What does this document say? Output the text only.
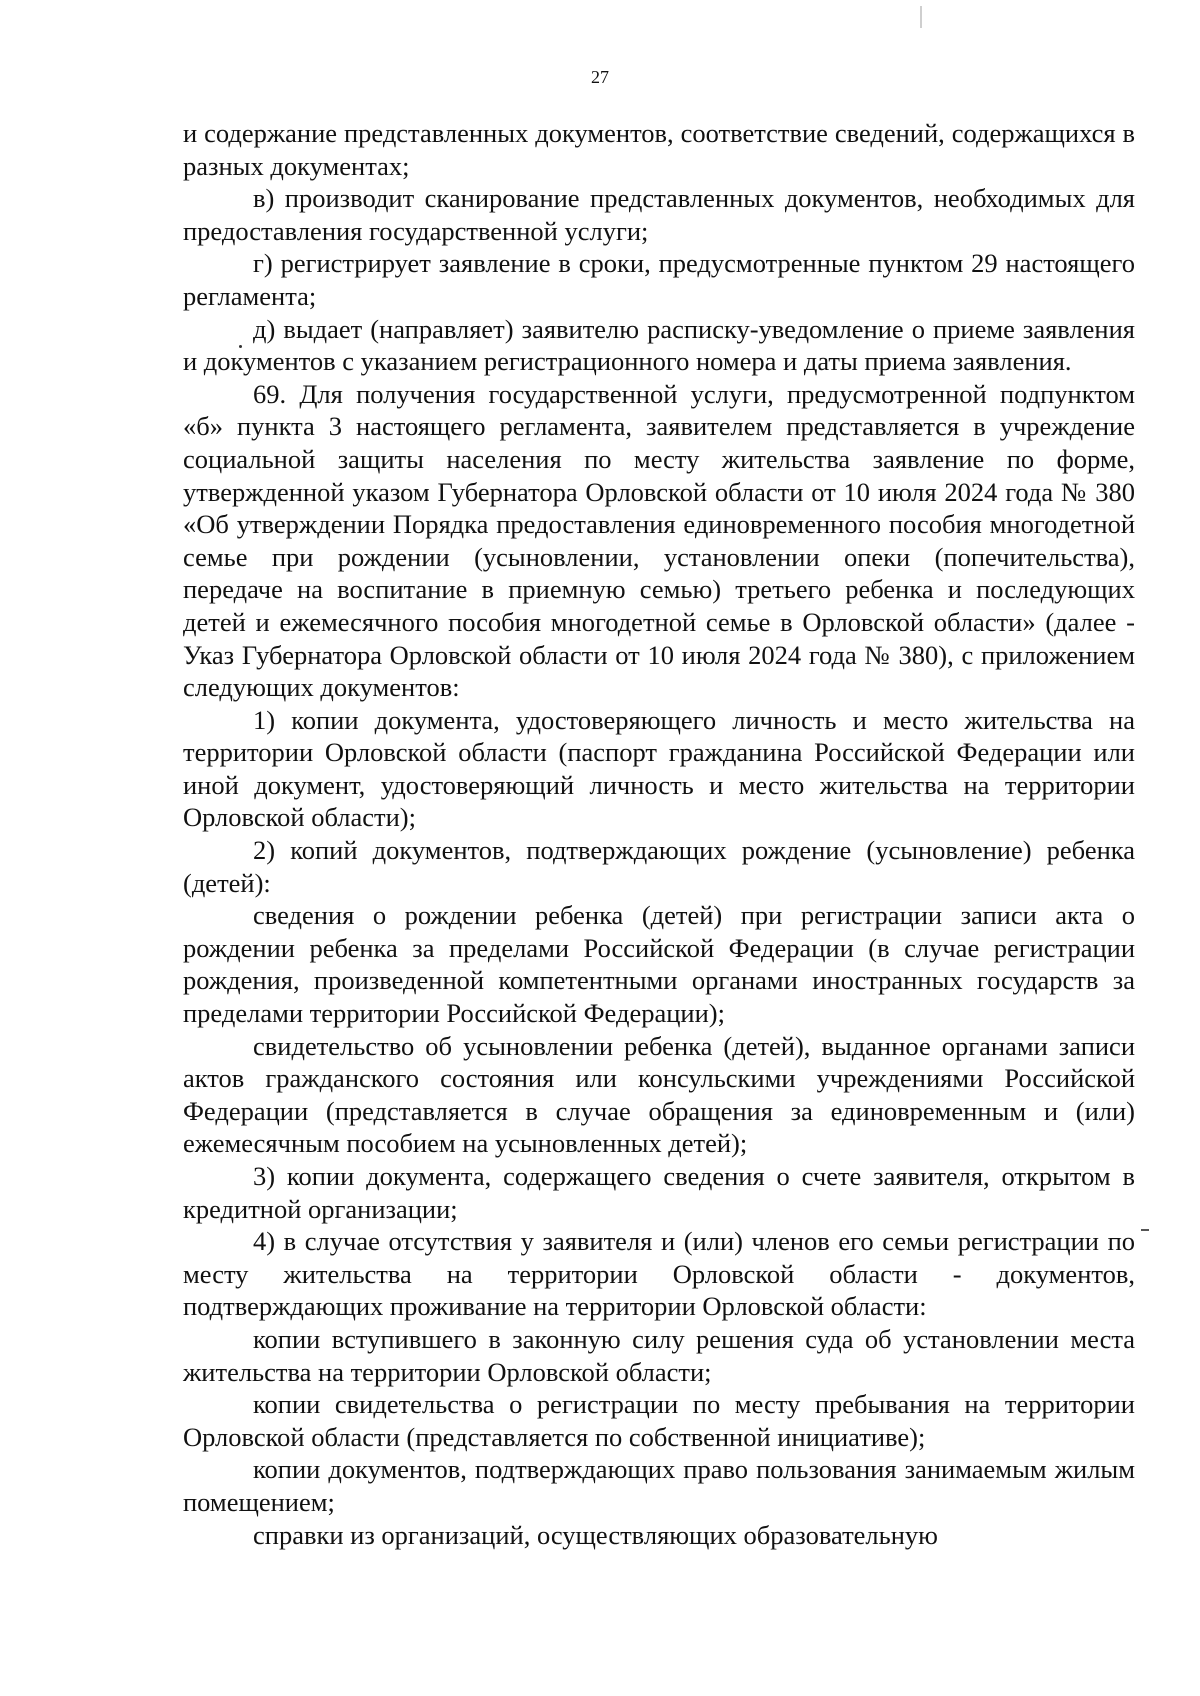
27

и содержание представленных документов, соответствие сведений, содержащихся в разных документах;

в) производит сканирование представленных документов, необходимых для предоставления государственной услуги;

г) регистрирует заявление в сроки, предусмотренные пунктом 29 настоящего регламента;

д) выдает (направляет) заявителю расписку-уведомление о приеме заявления и документов с указанием регистрационного номера и даты приема заявления.

69. Для получения государственной услуги, предусмотренной подпунктом «б» пункта 3 настоящего регламента, заявителем представляется в учреждение социальной защиты населения по месту жительства заявление по форме, утвержденной указом Губернатора Орловской области от 10 июля 2024 года № 380 «Об утверждении Порядка предоставления единовременного пособия многодетной семье при рождении (усыновлении, установлении опеки (попечительства), передаче на воспитание в приемную семью) третьего ребенка и последующих детей и ежемесячного пособия многодетной семье в Орловской области» (далее - Указ Губернатора Орловской области от 10 июля 2024 года № 380), с приложением следующих документов:

1) копии документа, удостоверяющего личность и место жительства на территории Орловской области (паспорт гражданина Российской Федерации или иной документ, удостоверяющий личность и место жительства на территории Орловской области);

2) копий документов, подтверждающих рождение (усыновление) ребенка (детей):

сведения о рождении ребенка (детей) при регистрации записи акта о рождении ребенка за пределами Российской Федерации (в случае регистрации рождения, произведенной компетентными органами иностранных государств за пределами территории Российской Федерации);

свидетельство об усыновлении ребенка (детей), выданное органами записи актов гражданского состояния или консульскими учреждениями Российской Федерации (представляется в случае обращения за единовременным и (или) ежемесячным пособием на усыновленных детей);

3) копии документа, содержащего сведения о счете заявителя, открытом в кредитной организации;

4) в случае отсутствия у заявителя и (или) членов его семьи регистрации по месту жительства на территории Орловской области - документов, подтверждающих проживание на территории Орловской области:

копии вступившего в законную силу решения суда об установлении места жительства на территории Орловской области;

копии свидетельства о регистрации по месту пребывания на территории Орловской области (представляется по собственной инициативе);

копии документов, подтверждающих право пользования занимаемым жилым помещением;

справки из организаций, осуществляющих образовательную
